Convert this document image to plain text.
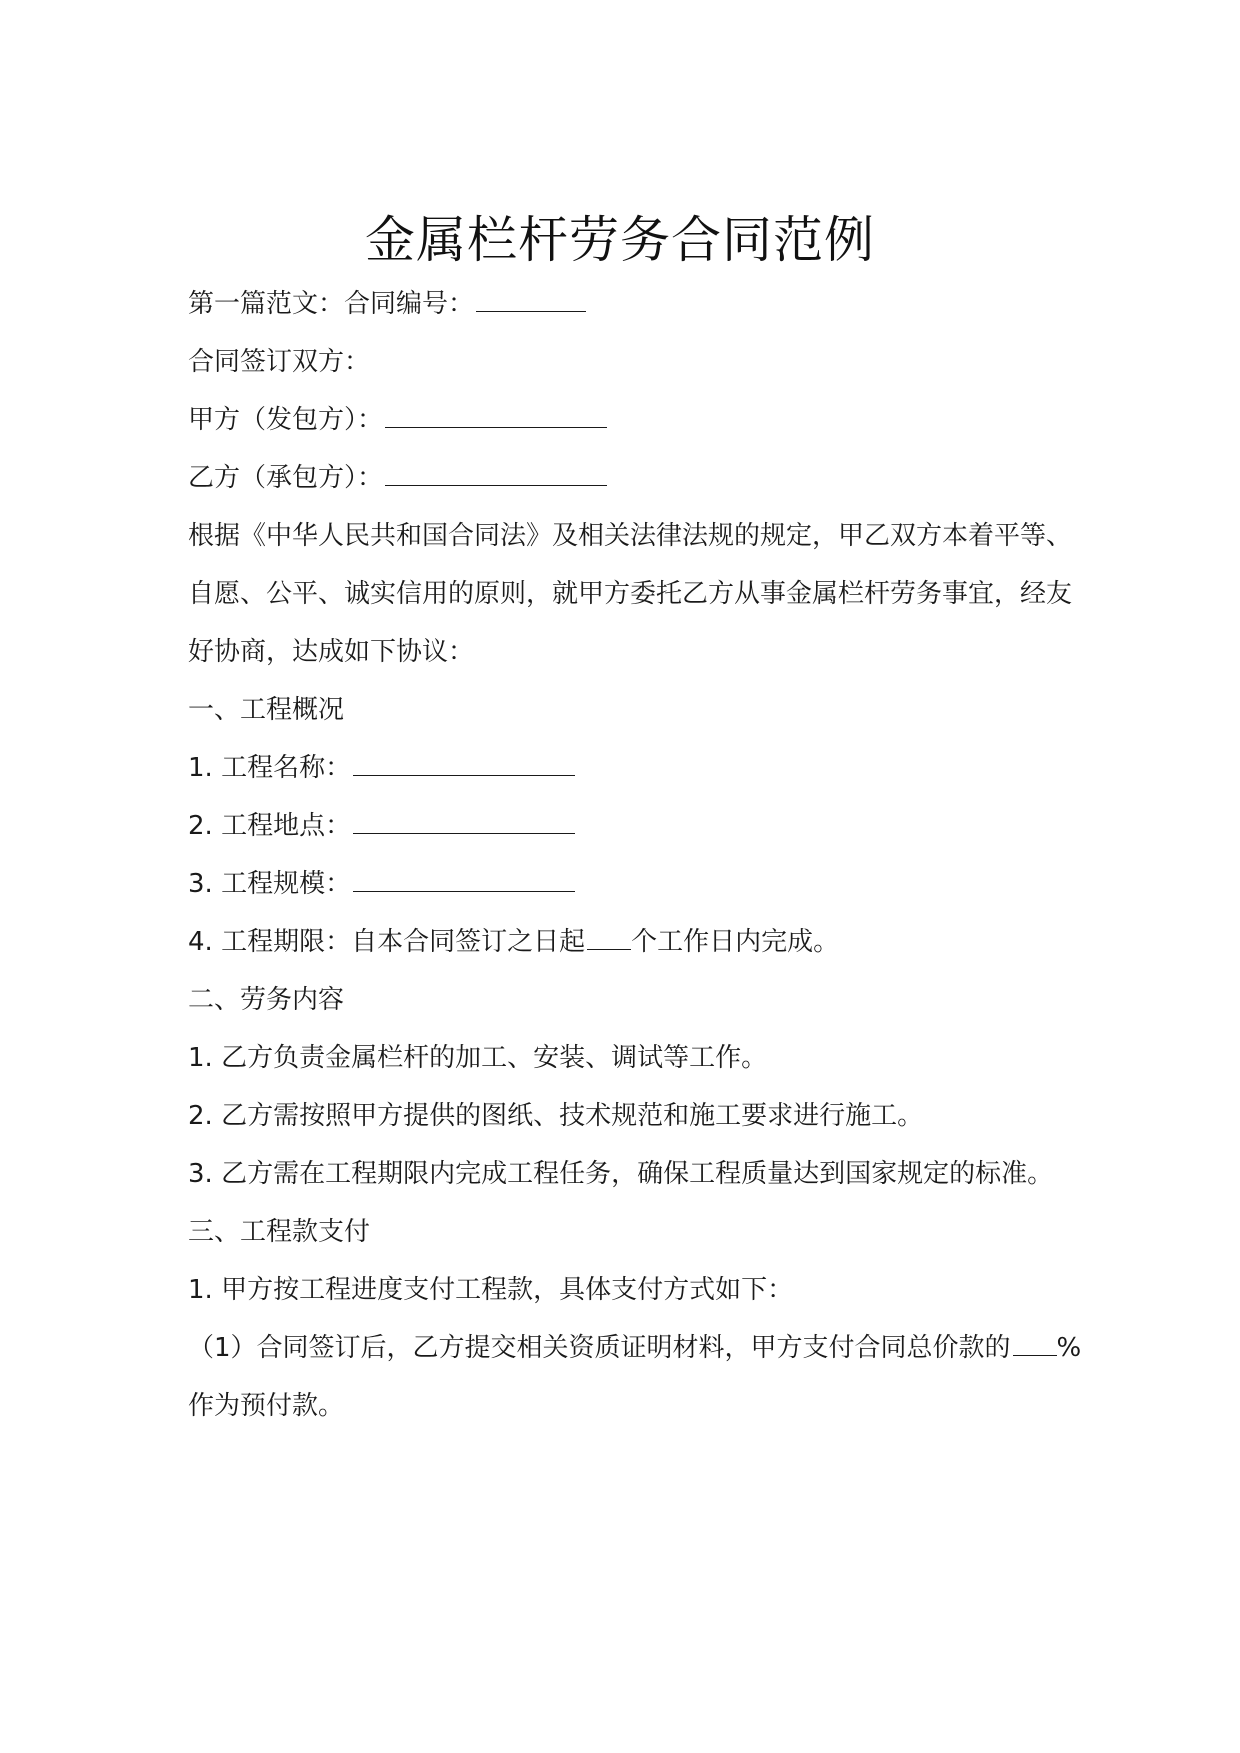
金属栏杆劳务合同范例
第一篇范文：合同编号：
合同签订双方：
甲方（发包方）：
乙方（承包方）：
根据《中华人民共和国合同法》及相关法律法规的规定，甲乙双方本着平等、
自愿、公平、诚实信用的原则，就甲方委托乙方从事金属栏杆劳务事宜，经友
好协商，达成如下协议：
一、工程概况
1. 工程名称：
2. 工程地点：
3. 工程规模：
4. 工程期限：自本合同签订之日起 个工作日内完成。
二、劳务内容
1. 乙方负责金属栏杆的加工、安装、调试等工作。
2. 乙方需按照甲方提供的图纸、技术规范和施工要求进行施工。
3. 乙方需在工程期限内完成工程任务，确保工程质量达到国家规定的标准。
三、工程款支付
1. 甲方按工程进度支付工程款，具体支付方式如下：
（1）合同签订后，乙方提交相关资质证明材料，甲方支付合同总价款的 %
作为预付款。
